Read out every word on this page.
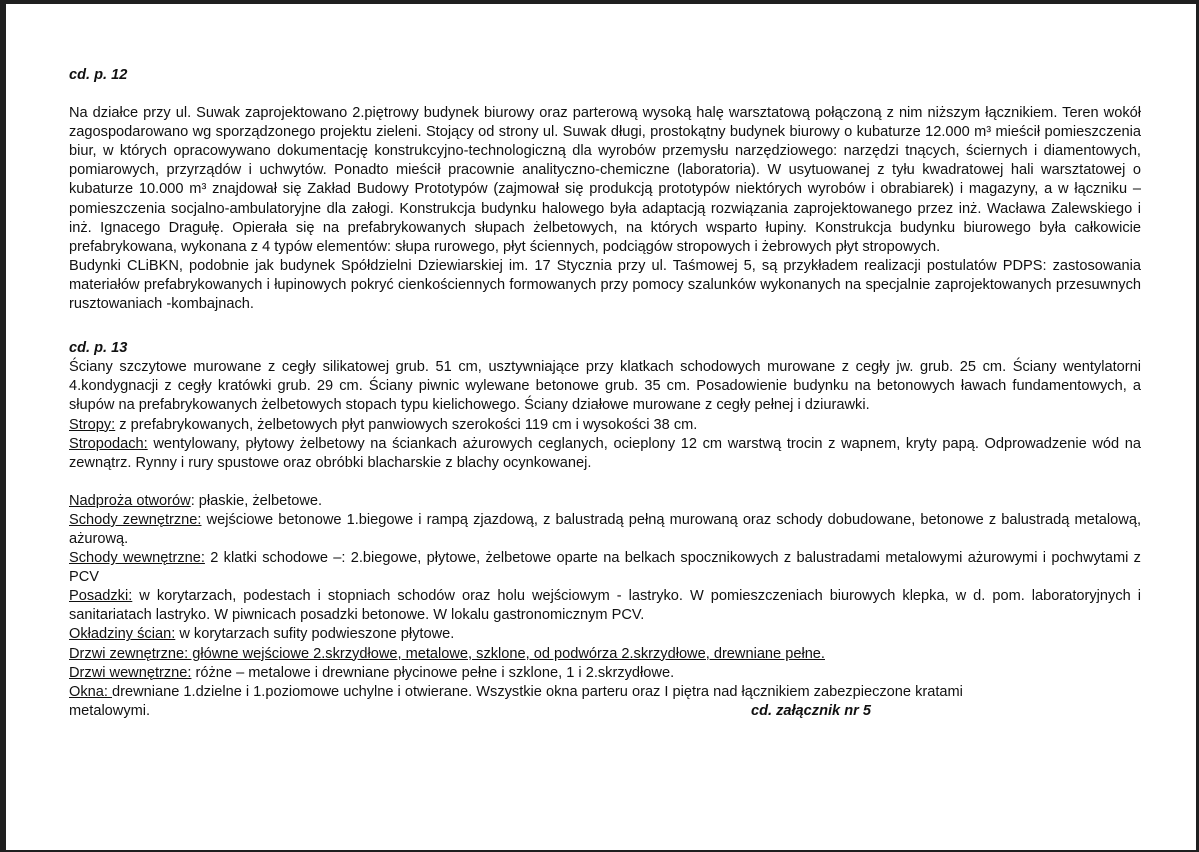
cd. p. 12

Na działce przy ul. Suwak zaprojektowano 2.piętrowy budynek biurowy oraz parterową wysoką halę warsztatową połączoną z nim niższym łącznikiem. Teren wokół zagospodarowano wg sporządzonego projektu zieleni. Stojący od strony ul. Suwak długi, prostokątny budynek biurowy o kubaturze 12.000 m³ mieścił pomieszczenia biur, w których opracowywano dokumentację konstrukcyjno-technologiczną dla wyrobów przemysłu narzędziowego: narzędzi tnących, ściernych i diamentowych, pomiarowych, przyrządów i uchwytów. Ponadto mieścił pracownie analityczno-chemiczne (laboratoria). W usytuowanej z tyłu kwadratowej hali warsztatowej o kubaturze 10.000 m³ znajdował się Zakład Budowy Prototypów (zajmował się produkcją prototypów niektórych wyrobów i obrabiarek) i magazyny, a w łączniku – pomieszczenia socjalno-ambulatoryjne dla załogi. Konstrukcja budynku halowego była adaptacją rozwiązania zaprojektowanego przez inż. Wacława Zalewskiego i inż. Ignacego Dragułę. Opierała się na prefabrykowanych słupach żelbetowych, na których wsparto łupiny. Konstrukcja budynku biurowego była całkowicie prefabrykowana, wykonana z 4 typów elementów: słupa rurowego, płyt ściennych, podciągów stropowych i żebrowych płyt stropowych.

Budynki CLiBKN, podobnie jak budynek Spółdzielni Dziewiarskiej im. 17 Stycznia przy ul. Taśmowej 5, są przykładem realizacji postulatów PDPS: zastosowania materiałów prefabrykowanych i łupinowych pokryć cienkościennych formowanych przy pomocy szalunków wykonanych na specjalnie zaprojektowanych przesuwnych rusztowaniach -kombajnach.

cd. p. 13

Ściany szczytowe murowane z cegły silikatowej grub. 51 cm, usztywniające przy klatkach schodowych murowane z cegły jw. grub. 25 cm. Ściany wentylatorni 4.kondygnacji z cegły kratówki grub. 29 cm. Ściany piwnic wylewane betonowe grub. 35 cm. Posadowienie budynku na betonowych ławach fundamentowych, a słupów na prefabrykowanych żelbetowych stopach typu kielichowego. Ściany działowe murowane z cegły pełnej i dziurawki.

Stropy: z prefabrykowanych, żelbetowych płyt panwiowych szerokości 119 cm i wysokości 38 cm.

Stropodach: wentylowany, płytowy żelbetowy na ściankach ażurowych ceglanych, ocieplony 12 cm warstwą trocin z wapnem, kryty papą. Odprowadzenie wód na zewnątrz. Rynny i rury spustowe oraz obróbki blacharskie z blachy ocynkowanej.

Nadproża otworów: płaskie, żelbetowe.

Schody zewnętrzne: wejściowe betonowe 1.biegowe i rampą zjazdową, z balustradą pełną murowaną oraz schody dobudowane, betonowe z balustradą metalową, ażurową.

Schody wewnętrzne: 2 klatki schodowe –: 2.biegowe, płytowe, żelbetowe oparte na belkach spocznikowych z balustradami metalowymi ażurowymi i pochwytami z PCV

Posadzki: w korytarzach, podestach i stopniach schodów oraz holu wejściowym - lastryko. W pomieszczeniach biurowych klepka, w d. pom. laboratoryjnych i sanitariatach lastryko. W piwnicach posadzki betonowe. W lokalu gastronomicznym PCV.

Okładziny ścian: w korytarzach sufity podwieszone płytowe.

Drzwi zewnętrzne: główne wejściowe 2.skrzydłowe, metalowe, szklone, od podwórza 2.skrzydłowe, drewniane pełne.

Drzwi wewnętrzne: różne – metalowe i drewniane płycinowe pełne i szklone, 1 i 2.skrzydłowe.

Okna: drewniane 1.dzielne i 1.poziomowe uchylne i otwierane. Wszystkie okna parteru oraz I piętra nad łącznikiem zabezpieczone kratami

metalowymi.	cd. załącznik nr 5
